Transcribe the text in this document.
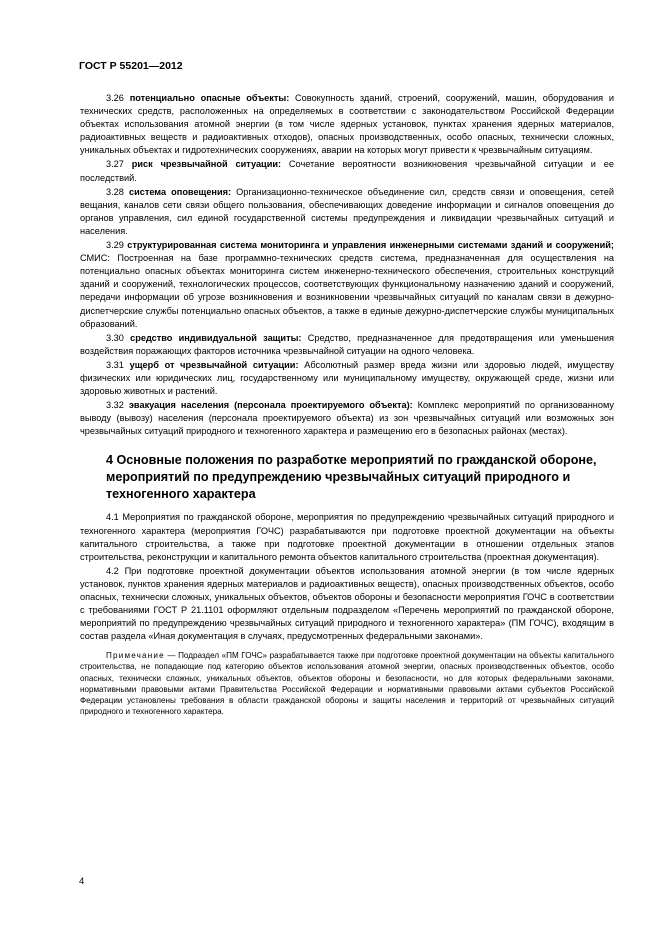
ГОСТ Р 55201—2012

3.26 потенциально опасные объекты: Совокупность зданий, строений, сооружений, машин, оборудования и технических средств, расположенных на определяемых в соответствии с законодательством Российской Федерации объектах использования атомной энергии (в том числе ядерных установок, пунктах хранения ядерных материалов, радиоактивных веществ и радиоактивных отходов), опасных производственных, особо опасных, технически сложных, уникальных объектах и гидротехнических сооружениях, аварии на которых могут привести к чрезвычайным ситуациям.

3.27 риск чрезвычайной ситуации: Сочетание вероятности возникновения чрезвычайной ситуации и ее последствий.

3.28 система оповещения: Организационно-техническое объединение сил, средств связи и оповещения, сетей вещания, каналов сети связи общего пользования, обеспечивающих доведение информации и сигналов оповещения до органов управления, сил единой государственной системы предупреждения и ликвидации чрезвычайных ситуаций и населения.

3.29 структурированная система мониторинга и управления инженерными системами зданий и сооружений; СМИС: Построенная на базе программно-технических средств система, предназначенная для осуществления на потенциально опасных объектах мониторинга систем инженерно-технического обеспечения, строительных конструкций зданий и сооружений, технологических процессов, соответствующих функциональному назначению зданий и сооружений, передачи информации об угрозе возникновения и возникновении чрезвычайных ситуаций по каналам связи в дежурно-диспетчерские службы потенциально опасных объектов, а также в единые дежурно-диспетчерские службы муниципальных образований.

3.30 средство индивидуальной защиты: Средство, предназначенное для предотвращения или уменьшения воздействия поражающих факторов источника чрезвычайной ситуации на одного человека.

3.31 ущерб от чрезвычайной ситуации: Абсолютный размер вреда жизни или здоровью людей, имуществу физических или юридических лиц, государственному или муниципальному имуществу, окружающей среде, жизни или здоровью животных и растений.

3.32 эвакуация населения (персонала проектируемого объекта): Комплекс мероприятий по организованному выводу (вывозу) населения (персонала проектируемого объекта) из зон чрезвычайных ситуаций или возможных зон чрезвычайных ситуаций природного и техногенного характера и размещению его в безопасных районах (местах).

4 Основные положения по разработке мероприятий по гражданской обороне, мероприятий по предупреждению чрезвычайных ситуаций природного и техногенного характера

4.1 Мероприятия по гражданской обороне, мероприятия по предупреждению чрезвычайных ситуаций природного и техногенного характера (мероприятия ГОЧС) разрабатываются при подготовке проектной документации на объекты капитального строительства, а также при подготовке проектной документации в отношении отдельных этапов строительства, реконструкции и капитального ремонта объектов капитального строительства (проектная документация).

4.2 При подготовке проектной документации объектов использования атомной энергии (в том числе ядерных установок, пунктов хранения ядерных материалов и радиоактивных веществ), опасных производственных объектов, особо опасных, технически сложных, уникальных объектов, объектов обороны и безопасности мероприятия ГОЧС в соответствии с требованиями ГОСТ Р 21.1101 оформляют отдельным подразделом «Перечень мероприятий по гражданской обороне, мероприятий по предупреждению чрезвычайных ситуаций природного и техногенного характера» (ПМ ГОЧС), входящим в состав раздела «Иная документация в случаях, предусмотренных федеральными законами».

Примечание — Подраздел «ПМ ГОЧС» разрабатывается также при подготовке проектной документации на объекты капитального строительства, не попадающие под категорию объектов использования атомной энергии, опасных производственных объектов, особо опасных, технически сложных, уникальных объектов, объектов обороны и безопасности, но для которых федеральными законами, нормативными правовыми актами Правительства Российской Федерации и нормативными правовыми актами субъектов Российской Федерации установлены требования в области гражданской обороны и защиты населения и территорий от чрезвычайных ситуаций природного и техногенного характера.
4
